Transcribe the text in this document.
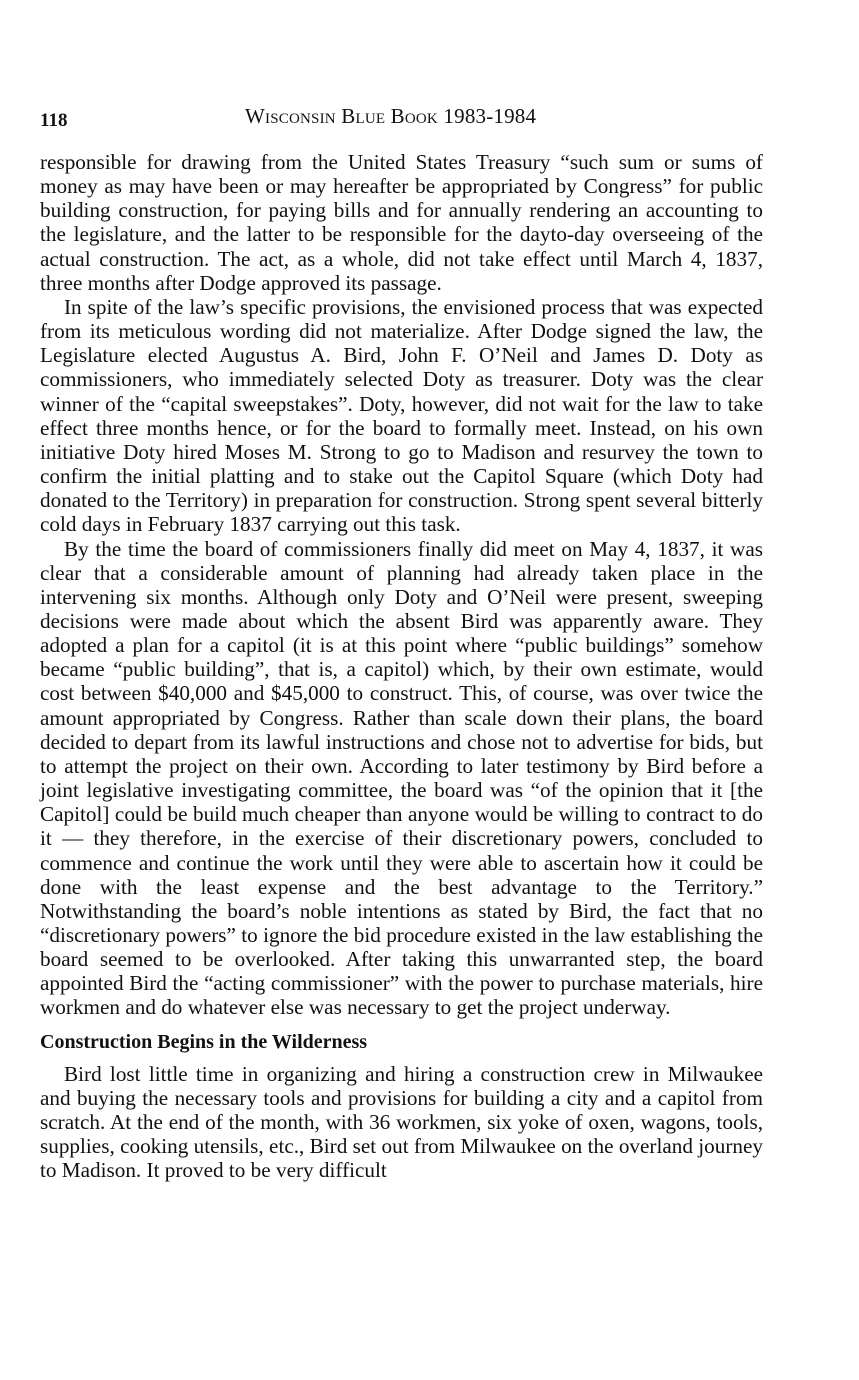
118	Wisconsin Blue Book 1983-1984

responsible for drawing from the United States Treasury “such sum or sums of money as may have been or may hereafter be appropriated by Congress” for public building construction, for paying bills and for annually rendering an accounting to the legislature, and the latter to be responsible for the dayto-day overseeing of the actual construction. The act, as a whole, did not take effect until March 4, 1837, three months after Dodge approved its passage.

In spite of the law’s specific provisions, the envisioned process that was expected from its meticulous wording did not materialize. After Dodge signed the law, the Legislature elected Augustus A. Bird, John F. O’Neil and James D. Doty as commissioners, who immediately selected Doty as treasurer. Doty was the clear winner of the “capital sweepstakes”. Doty, however, did not wait for the law to take effect three months hence, or for the board to formally meet. Instead, on his own initiative Doty hired Moses M. Strong to go to Madison and resurvey the town to confirm the initial platting and to stake out the Capitol Square (which Doty had donated to the Territory) in preparation for construction. Strong spent several bitterly cold days in February 1837 carrying out this task.

By the time the board of commissioners finally did meet on May 4, 1837, it was clear that a considerable amount of planning had already taken place in the intervening six months. Although only Doty and O’Neil were present, sweeping decisions were made about which the absent Bird was apparently aware. They adopted a plan for a capitol (it is at this point where “public buildings” somehow became “public building”, that is, a capitol) which, by their own estimate, would cost between $40,000 and $45,000 to construct. This, of course, was over twice the amount appropriated by Congress. Rather than scale down their plans, the board decided to depart from its lawful instructions and chose not to advertise for bids, but to attempt the project on their own. According to later testimony by Bird before a joint legislative investigating committee, the board was “of the opinion that it [the Capitol] could be build much cheaper than anyone would be willing to contract to do it — they therefore, in the exercise of their discretionary powers, concluded to commence and continue the work until they were able to ascertain how it could be done with the least expense and the best advantage to the Territory.” Notwithstanding the board’s noble intentions as stated by Bird, the fact that no “discretionary powers” to ignore the bid procedure existed in the law establishing the board seemed to be overlooked. After taking this unwarranted step, the board appointed Bird the “acting commissioner” with the power to purchase materials, hire workmen and do whatever else was necessary to get the project underway.

Construction Begins in the Wilderness

Bird lost little time in organizing and hiring a construction crew in Milwaukee and buying the necessary tools and provisions for building a city and a capitol from scratch. At the end of the month, with 36 workmen, six yoke of oxen, wagons, tools, supplies, cooking utensils, etc., Bird set out from Milwaukee on the overland journey to Madison. It proved to be very difficult
